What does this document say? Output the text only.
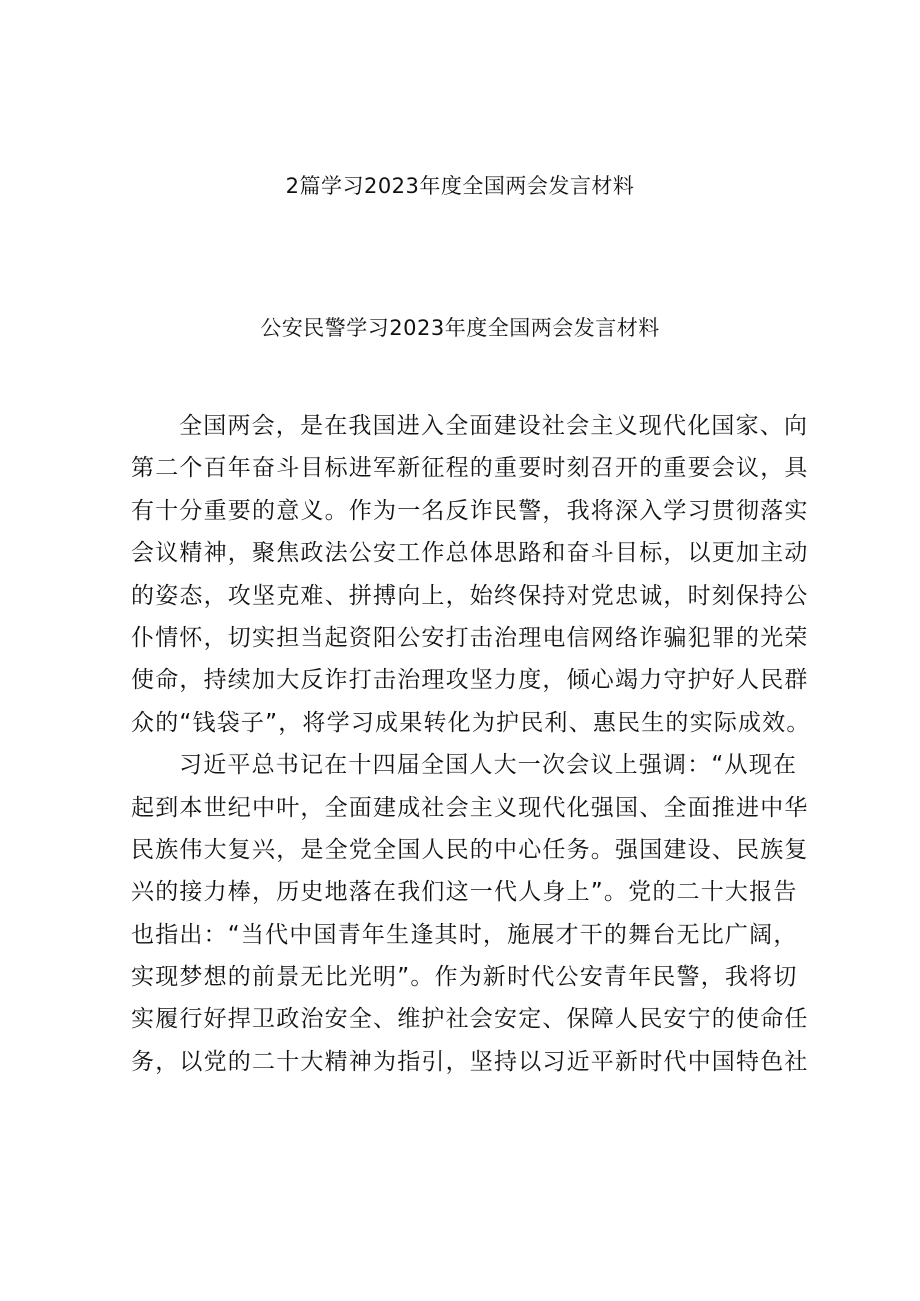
2篇学习2023年度全国两会发言材料
公安民警学习2023年度全国两会发言材料
全国两会，是在我国进入全面建设社会主义现代化国家、向
第二个百年奋斗目标进军新征程的重要时刻召开的重要会议，具
有十分重要的意义。作为一名反诈民警，我将深入学习贯彻落实
会议精神，聚焦政法公安工作总体思路和奋斗目标，以更加主动
的姿态，攻坚克难、拼搏向上，始终保持对党忠诚，时刻保持公
仆情怀，切实担当起资阳公安打击治理电信网络诈骗犯罪的光荣
使命，持续加大反诈打击治理攻坚力度，倾心竭力守护好人民群
众的“钱袋子”，将学习成果转化为护民利、惠民生的实际成效。
习近平总书记在十四届全国人大一次会议上强调：“从现在
起到本世纪中叶，全面建成社会主义现代化强国、全面推进中华
民族伟大复兴，是全党全国人民的中心任务。强国建设、民族复
兴的接力棒，历史地落在我们这一代人身上”。党的二十大报告
也指出：“当代中国青年生逢其时，施展才干的舞台无比广阔，
实现梦想的前景无比光明”。作为新时代公安青年民警，我将切
实履行好捍卫政治安全、维护社会安定、保障人民安宁的使命任
务，以党的二十大精神为指引，坚持以习近平新时代中国特色社
